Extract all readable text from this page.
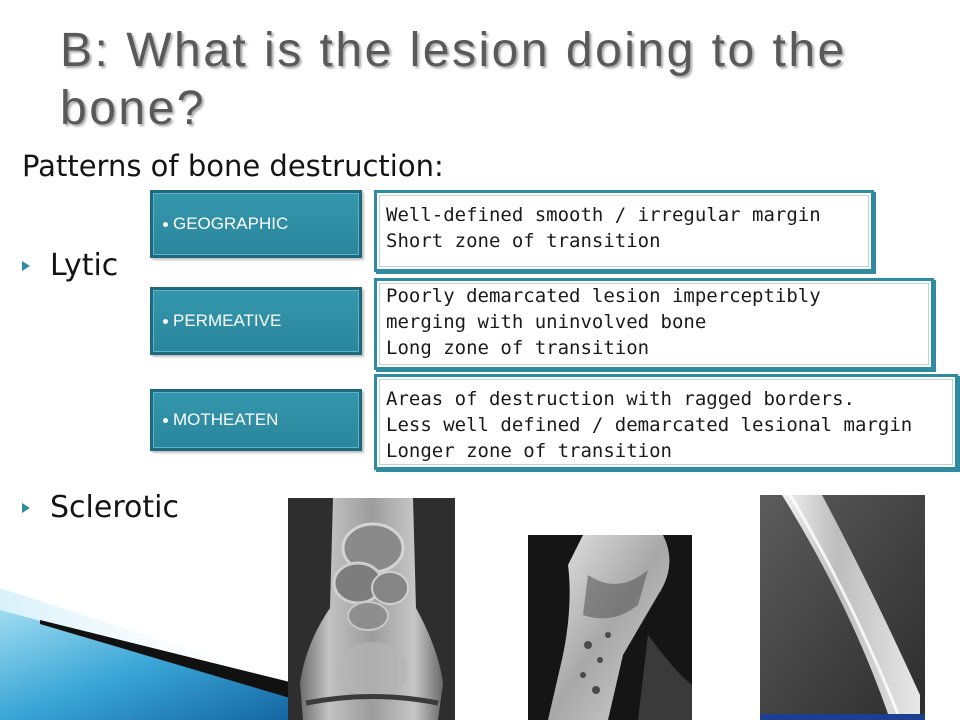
B: What is the lesion doing to the bone?
Patterns of bone destruction:
Lytic
Sclerotic
GEOGRAPHIC
PERMEATIVE
MOTHEATEN
Well-defined smooth / irregular margin
Short zone of transition
Poorly demarcated lesion imperceptibly
merging with uninvolved bone
Long zone of transition
Areas of destruction with ragged borders.
Less well defined / demarcated lesional margin
Longer zone of transition
